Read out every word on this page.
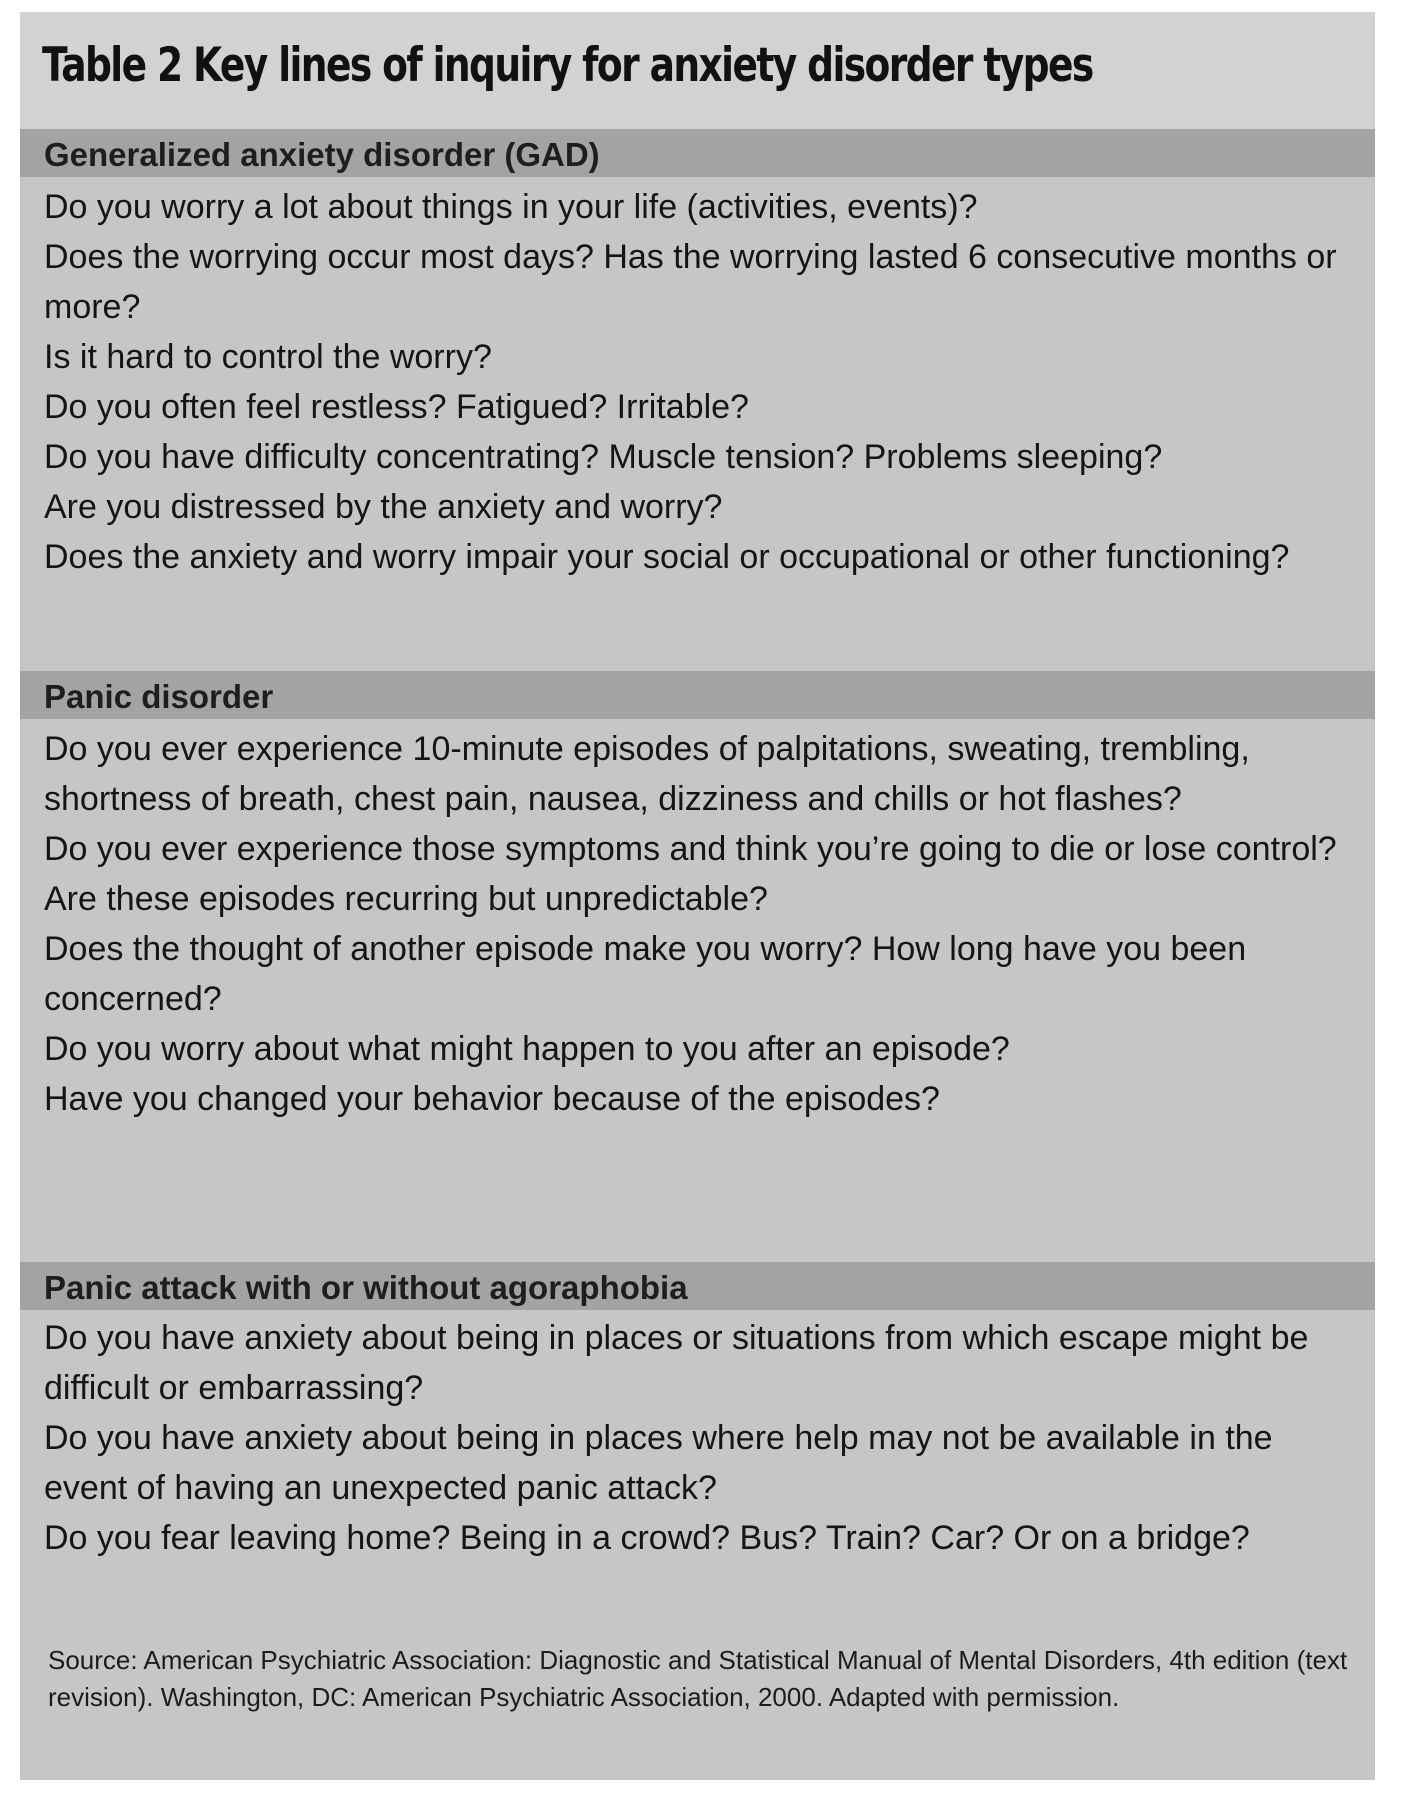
Table 2 Key lines of inquiry for anxiety disorder types
Generalized anxiety disorder (GAD)

Do you worry a lot about things in your life (activities, events)?

Does the worrying occur most days? Has the worrying lasted 6 consecutive months or more?

Is it hard to control the worry?

Do you often feel restless? Fatigued? Irritable?

Do you have difficulty concentrating? Muscle tension? Problems sleeping?

Are you distressed by the anxiety and worry?

Does the anxiety and worry impair your social or occupational or other functioning?

Panic disorder

Do you ever experience 10-minute episodes of palpitations, sweating, trembling, shortness of breath, chest pain, nausea, dizziness and chills or hot flashes?

Do you ever experience those symptoms and think you’re going to die or lose control?

Are these episodes recurring but unpredictable?

Does the thought of another episode make you worry? How long have you been concerned?

Do you worry about what might happen to you after an episode?

Have you changed your behavior because of the episodes?

Panic attack with or without agoraphobia

Do you have anxiety about being in places or situations from which escape might be difficult or embarrassing?

Do you have anxiety about being in places where help may not be available in the event of having an unexpected panic attack?

Do you fear leaving home? Being in a crowd? Bus? Train? Car? Or on a bridge?

Source: American Psychiatric Association: Diagnostic and Statistical Manual of Mental Disorders, 4th edition (text revision). Washington, DC: American Psychiatric Association, 2000. Adapted with permission.
